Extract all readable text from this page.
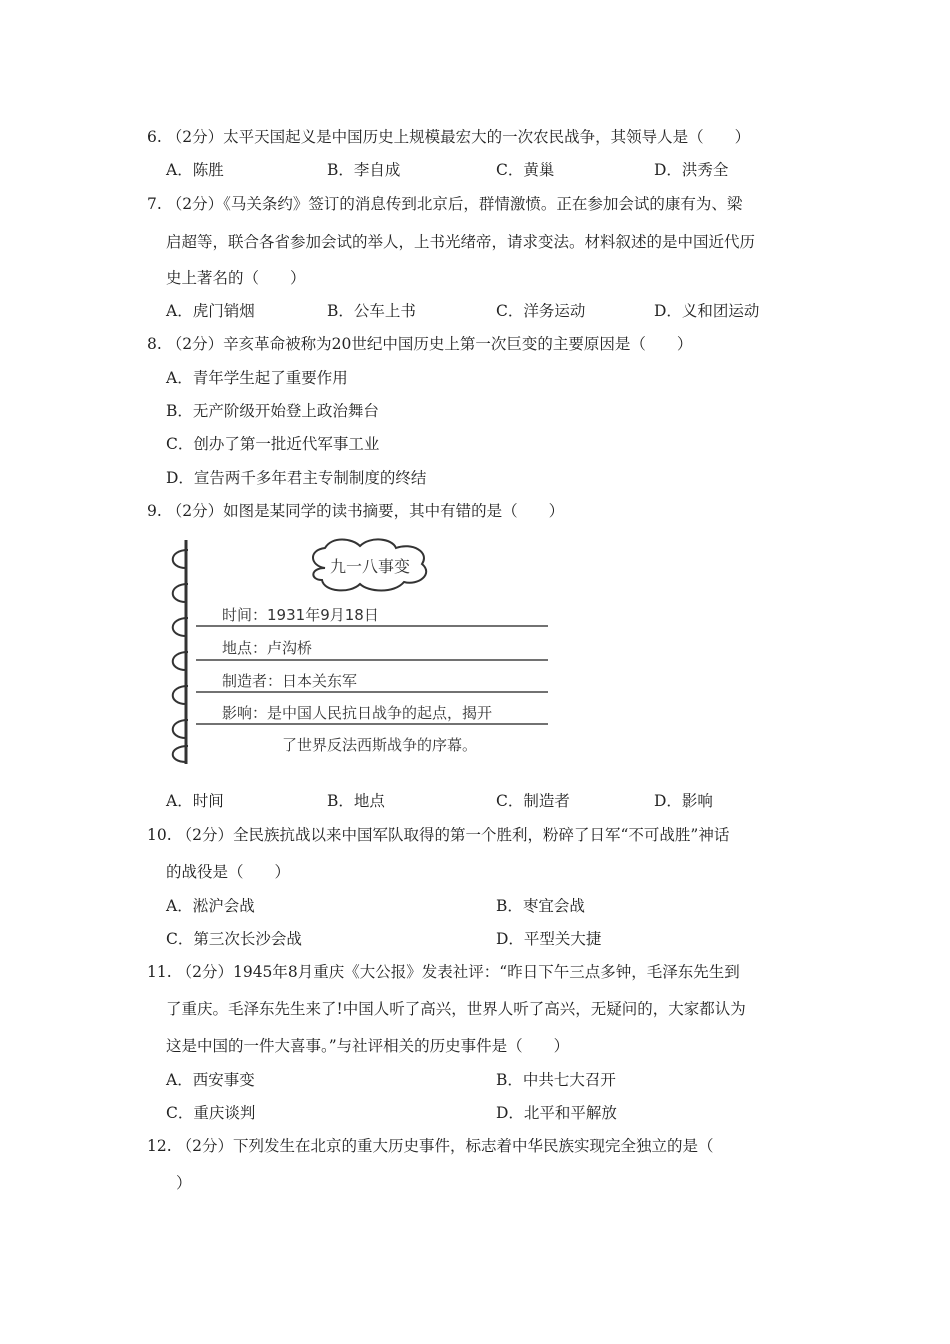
6. （2分）太平天国起义是中国历史上规模最宏大的一次农民战争，其领导人是（　　）
A．陈胜	B．李自成	C．黄巢	D．洪秀全
7. （2分）《马关条约》签订的消息传到北京后，群情激愤。正在参加会试的康有为、梁
启超等，联合各省参加会试的举人，上书光绪帝，请求变法。材料叙述的是中国近代历
史上著名的（　　）
A．虎门销烟	B．公车上书	C．洋务运动	D．义和团运动
8. （2分）辛亥革命被称为20世纪中国历史上第一次巨变的主要原因是（　　）
A．青年学生起了重要作用
B．无产阶级开始登上政治舞台
C．创办了第一批近代军事工业
D．宣告两千多年君主专制制度的终结
9. （2分）如图是某同学的读书摘要，其中有错的是（　　）
九一八事变
时间：1931年9月18日
地点：卢沟桥
制造者：日本关东军
影响：是中国人民抗日战争的起点，揭开
了世界反法西斯战争的序幕。
A．时间	B．地点	C．制造者	D．影响
10. （2分）全民族抗战以来中国军队取得的第一个胜利，粉碎了日军“不可战胜”神话
的战役是（　　）
A．淞沪会战	B．枣宜会战
C．第三次长沙会战	D．平型关大捷
11. （2分）1945年8月重庆《大公报》发表社评：“昨日下午三点多钟，毛泽东先生到
了重庆。毛泽东先生来了!中国人听了高兴，世界人听了高兴，无疑问的，大家都认为
这是中国的一件大喜事。”与社评相关的历史事件是（　　）
A．西安事变	B．中共七大召开
C．重庆谈判	D．北平和平解放
12. （2分）下列发生在北京的重大历史事件，标志着中华民族实现完全独立的是（
）
